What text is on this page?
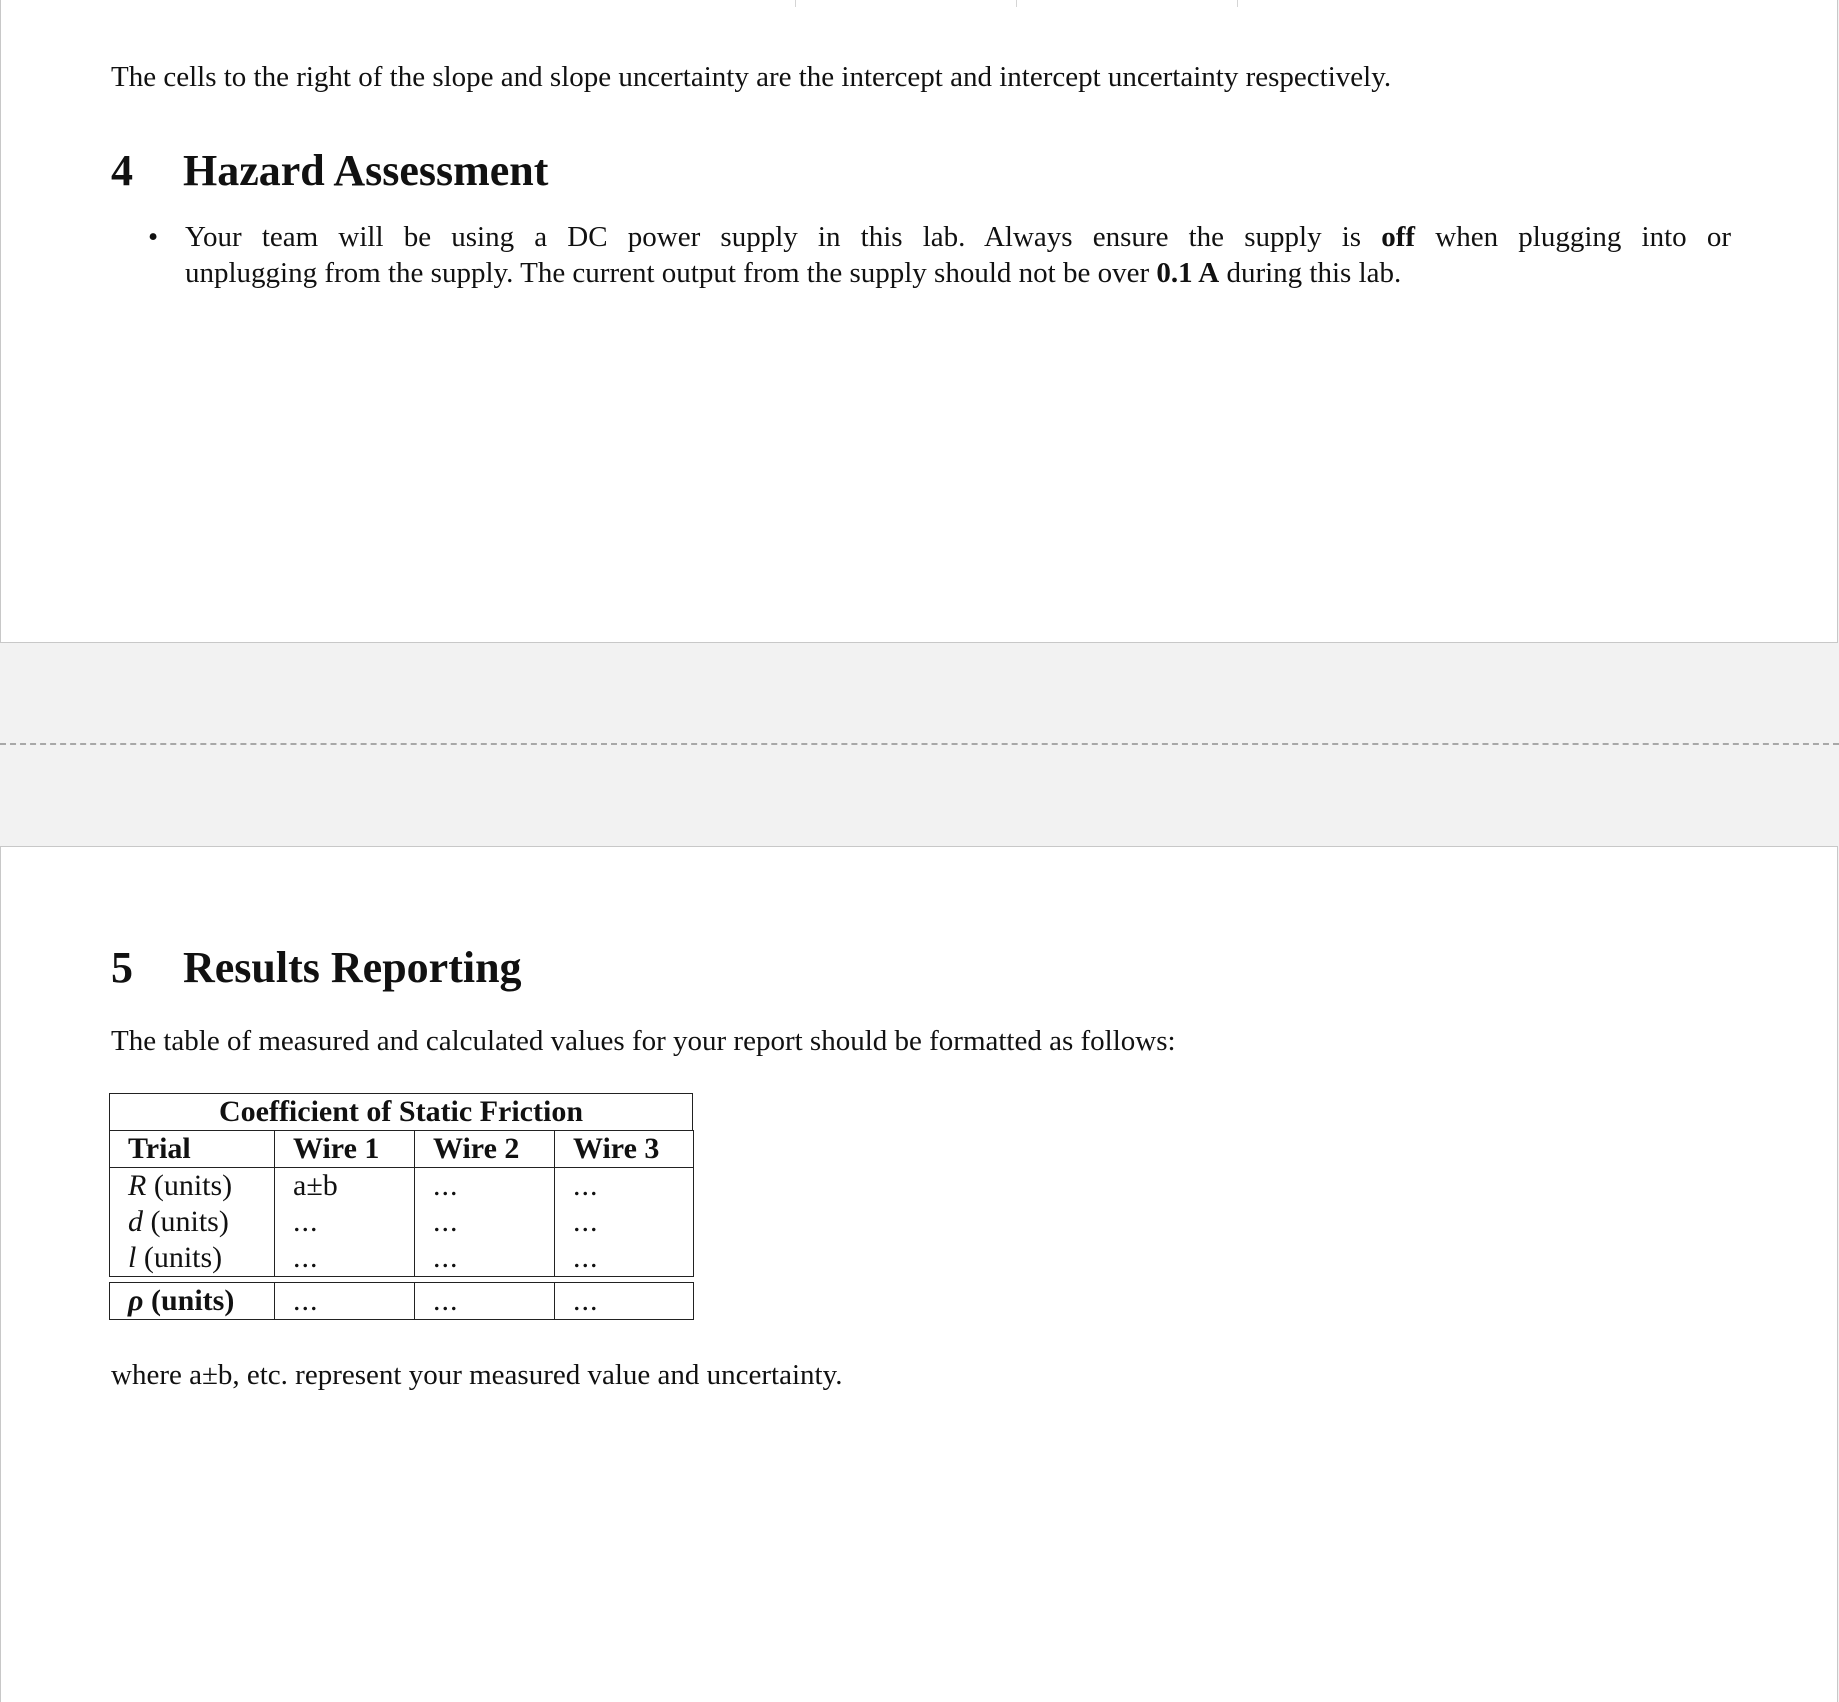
The cells to the right of the slope and slope uncertainty are the intercept and intercept uncertainty respectively.
4 Hazard Assessment
• Your team will be using a DC power supply in this lab. Always ensure the supply is off when plugging into or
unplugging from the supply. The current output from the supply should not be over 0.1 A during this lab.
5 Results Reporting
The table of measured and calculated values for your report should be formatted as follows:
Coefficient of Static Friction
Trial	Wire 1	Wire 2	Wire 3
R (units)	a±b	...	...
d (units)	...	...	...
l (units)	...	...	...
ρ (units)	...	...	...
where a±b, etc. represent your measured value and uncertainty.
